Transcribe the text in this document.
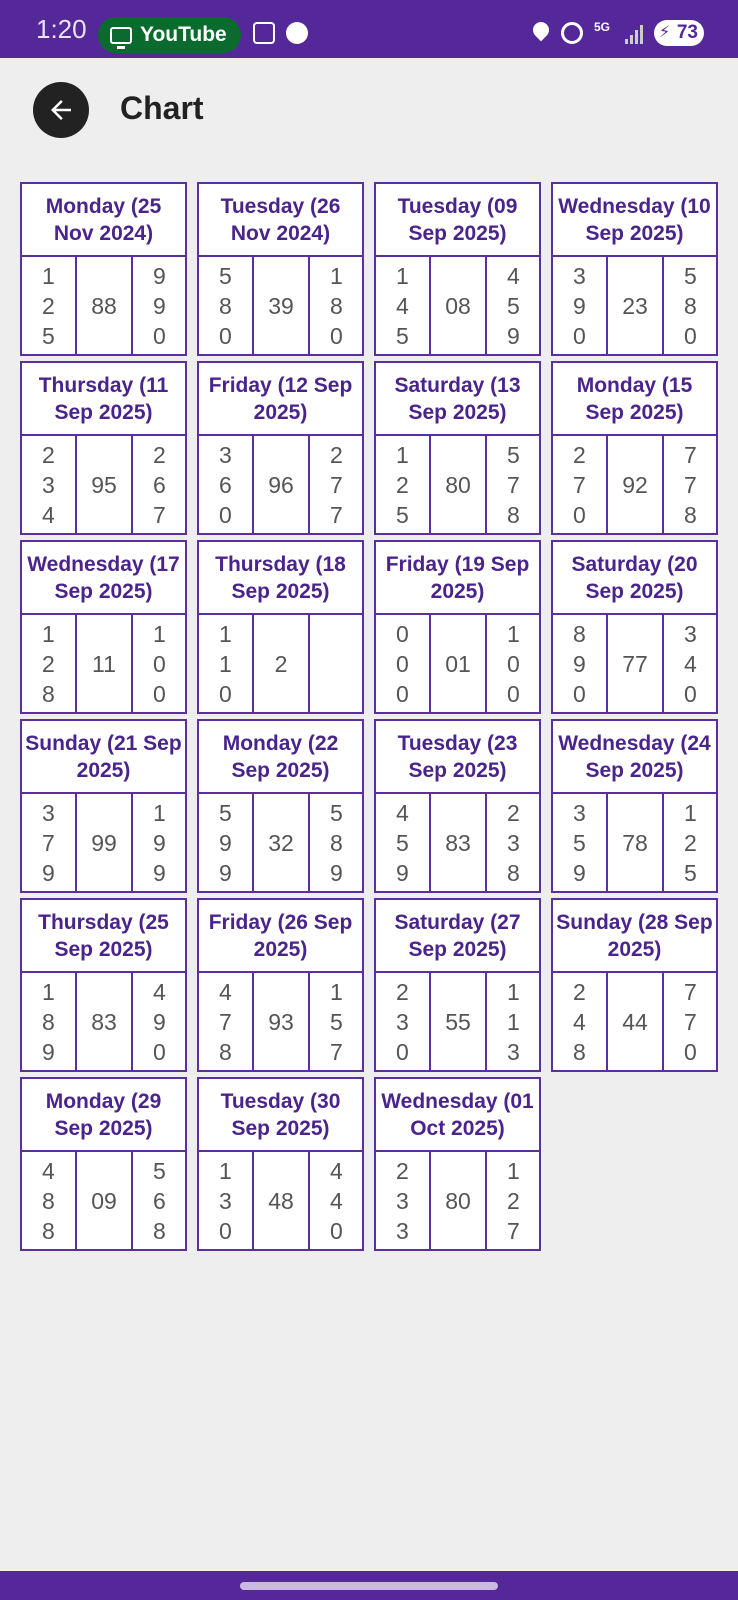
1:20	YouTube	5G
⚡	73
Chart
Monday (25 Nov 2024)
1
2
5
88
9
9
0
Tuesday (26 Nov 2024)
5
8
0
39
1
8
0
Tuesday (09 Sep 2025)
1
4
5
08
4
5
9
Wednesday (10 Sep 2025)
3
9
0
23
5
8
0
Thursday (11 Sep 2025)
2
3
4
95
2
6
7
Friday (12 Sep 2025)
3
6
0
96
2
7
7
Saturday (13 Sep 2025)
1
2
5
80
5
7
8
Monday (15 Sep 2025)
2
7
0
92
7
7
8
Wednesday (17 Sep 2025)
1
2
8
11
1
0
0
Thursday (18 Sep 2025)
1
1
0
2
Friday (19 Sep 2025)
0
0
0
01
1
0
0
Saturday (20 Sep 2025)
8
9
0
77
3
4
0
Sunday (21 Sep 2025)
3
7
9
99
1
9
9
Monday (22 Sep 2025)
5
9
9
32
5
8
9
Tuesday (23 Sep 2025)
4
5
9
83
2
3
8
Wednesday (24 Sep 2025)
3
5
9
78
1
2
5
Thursday (25 Sep 2025)
1
8
9
83
4
9
0
Friday (26 Sep 2025)
4
7
8
93
1
5
7
Saturday (27 Sep 2025)
2
3
0
55
1
1
3
Sunday (28 Sep 2025)
2
4
8
44
7
7
0
Monday (29 Sep 2025)
4
8
8
09
5
6
8
Tuesday (30 Sep 2025)
1
3
0
48
4
4
0
Wednesday (01 Oct 2025)
2
3
3
80
1
2
7
